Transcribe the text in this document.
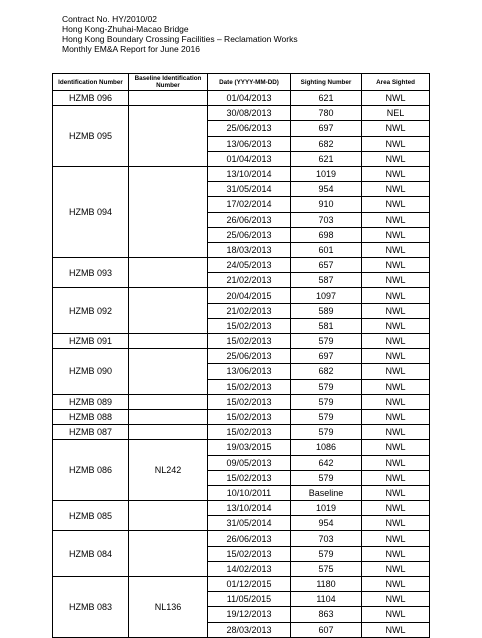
Contract No. HY/2010/02
Hong Kong-Zhuhai-Macao Bridge
Hong Kong Boundary Crossing Facilities – Reclamation Works
Monthly EM&A Report for June 2016
Identification Number	Baseline Identification Number	Date (YYYY-MM-DD)	Sighting Number	Area Sighted
HZMB 096		01/04/2013	621	NWL
HZMB 095		30/08/2013	780	NEL
		25/06/2013	697	NWL
		13/06/2013	682	NWL
		01/04/2013	621	NWL
HZMB 094		13/10/2014	1019	NWL
		31/05/2014	954	NWL
		17/02/2014	910	NWL
		26/06/2013	703	NWL
		25/06/2013	698	NWL
		18/03/2013	601	NWL
HZMB 093		24/05/2013	657	NWL
		21/02/2013	587	NWL
HZMB 092		20/04/2015	1097	NWL
		21/02/2013	589	NWL
		15/02/2013	581	NWL
HZMB 091		15/02/2013	579	NWL
HZMB 090		25/06/2013	697	NWL
		13/06/2013	682	NWL
		15/02/2013	579	NWL
HZMB 089		15/02/2013	579	NWL
HZMB 088		15/02/2013	579	NWL
HZMB 087		15/02/2013	579	NWL
HZMB 086	NL242	19/03/2015	1086	NWL
		09/05/2013	642	NWL
		15/02/2013	579	NWL
		10/10/2011	Baseline	NWL
HZMB 085		13/10/2014	1019	NWL
		31/05/2014	954	NWL
HZMB 084		26/06/2013	703	NWL
		15/02/2013	579	NWL
		14/02/2013	575	NWL
HZMB 083	NL136	01/12/2015	1180	NWL
		11/05/2015	1104	NWL
		19/12/2013	863	NWL
		28/03/2013	607	NWL
